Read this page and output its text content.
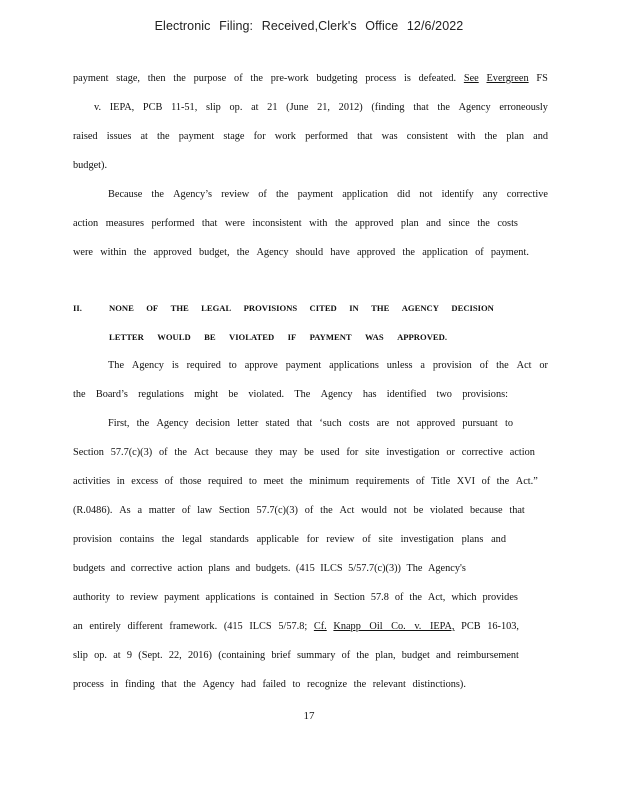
Electronic Filing: Received,Clerk's Office 12/6/2022
payment stage, then the purpose of the pre-work budgeting process is defeated. See Evergreen FS
v. IEPA, PCB 11-51, slip op. at 21 (June 21, 2012) (finding that the Agency erroneously
raised issues at the payment stage for work performed that was consistent with the plan and
budget).
Because the Agency’s review of the payment application did not identify any corrective
action measures performed that were inconsistent with the approved plan and since the costs
were within the approved budget, the Agency should have approved the application of payment.
The Agency is required to approve payment applications unless a provision of the Act or
the Board’s regulations might be violated. The Agency has identified two provisions:
First, the Agency decision letter stated that ‘such costs are not approved pursuant to
Section 57.7(c)(3) of the Act because they may be used for site investigation or corrective action
activities in excess of those required to meet the minimum requirements of Title XVI of the Act.”
(R.0486). As a matter of law Section 57.7(c)(3) of the Act would not be violated because that
provision contains the legal standards applicable for review of site investigation plans and
budgets and corrective action plans and budgets. (415 ILCS 5/57.7(c)(3)) The Agency's
authority to review payment applications is contained in Section 57.8 of the Act, which provides
an entirely different framework. (415 ILCS 5/57.8; Cf. Knapp Oil Co. v. IEPA, PCB 16-103,
slip op. at 9 (Sept. 22, 2016) (containing brief summary of the plan, budget and reimbursement
process in finding that the Agency had failed to recognize the relevant distinctions).
II.	NONE OF THE LEGAL PROVISIONS CITED IN THE AGENCY DECISION
LETTER WOULD BE VIOLATED IF PAYMENT WAS APPROVED.
17
